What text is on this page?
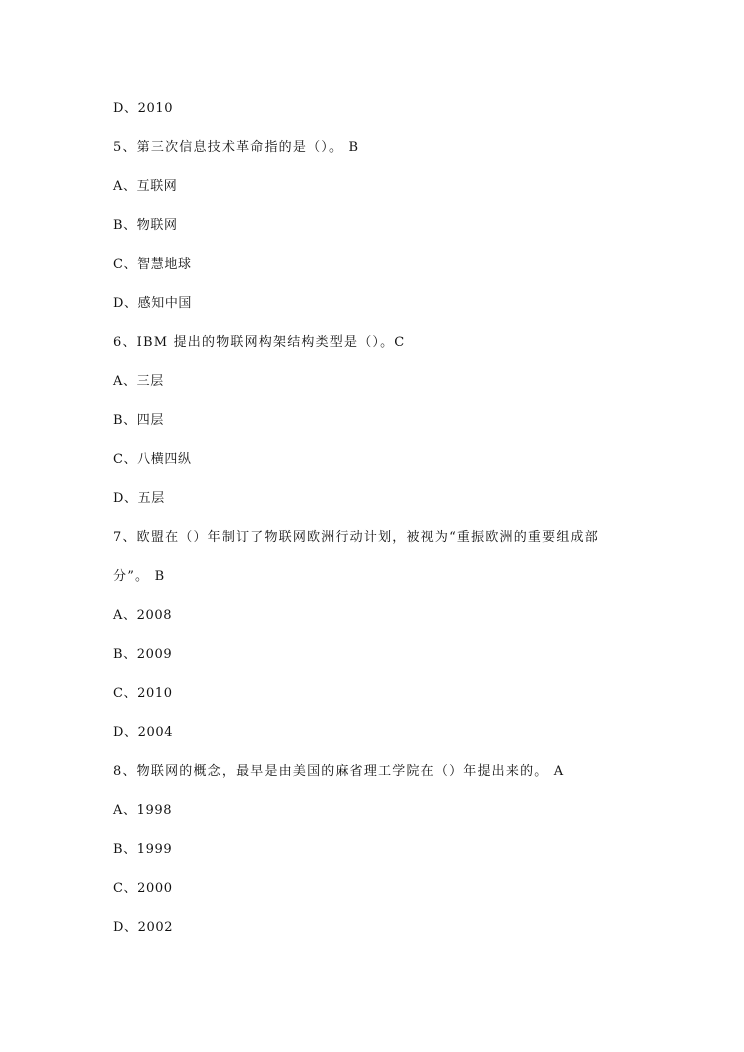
D、2010
5、第三次信息技术革命指的是（）。 B
A、互联网
B、物联网
C、智慧地球
D、感知中国
6、IBM 提出的物联网构架结构类型是（）。C
A、三层
B、四层
C、八横四纵
D、五层
7、欧盟在（）年制订了物联网欧洲行动计划，被视为“重振欧洲的重要组成部
分”。 B
A、2008
B、2009
C、2010
D、2004
8、物联网的概念，最早是由美国的麻省理工学院在（）年提出来的。 A
A、1998
B、1999
C、2000
D、2002
